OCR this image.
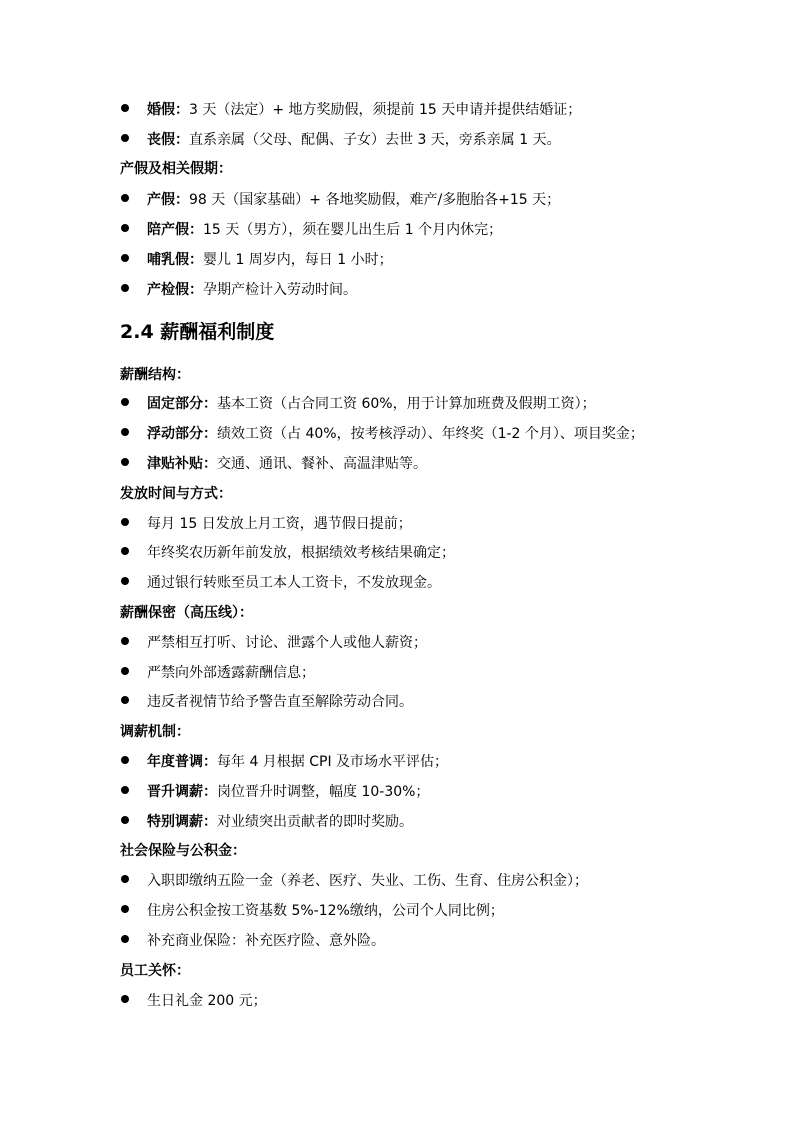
婚假：3 天（法定）+ 地方奖励假，须提前 15 天申请并提供结婚证；
丧假：直系亲属（父母、配偶、子女）去世 3 天，旁系亲属 1 天。
产假及相关假期：
产假：98 天（国家基础）+ 各地奖励假，难产/多胞胎各+15 天；
陪产假：15 天（男方），须在婴儿出生后 1 个月内休完；
哺乳假：婴儿 1 周岁内，每日 1 小时；
产检假：孕期产检计入劳动时间。
2.4 薪酬福利制度
薪酬结构：
固定部分：基本工资（占合同工资 60%，用于计算加班费及假期工资）；
浮动部分：绩效工资（占 40%，按考核浮动）、年终奖（1-2 个月）、项目奖金；
津贴补贴：交通、通讯、餐补、高温津贴等。
发放时间与方式：
每月 15 日发放上月工资，遇节假日提前；
年终奖农历新年前发放，根据绩效考核结果确定；
通过银行转账至员工本人工资卡，不发放现金。
薪酬保密（高压线）：
严禁相互打听、讨论、泄露个人或他人薪资；
严禁向外部透露薪酬信息；
违反者视情节给予警告直至解除劳动合同。
调薪机制：
年度普调：每年 4 月根据 CPI 及市场水平评估；
晋升调薪：岗位晋升时调整，幅度 10-30%；
特别调薪：对业绩突出贡献者的即时奖励。
社会保险与公积金：
入职即缴纳五险一金（养老、医疗、失业、工伤、生育、住房公积金）；
住房公积金按工资基数 5%-12%缴纳，公司个人同比例；
补充商业保险：补充医疗险、意外险。
员工关怀：
生日礼金 200 元；
